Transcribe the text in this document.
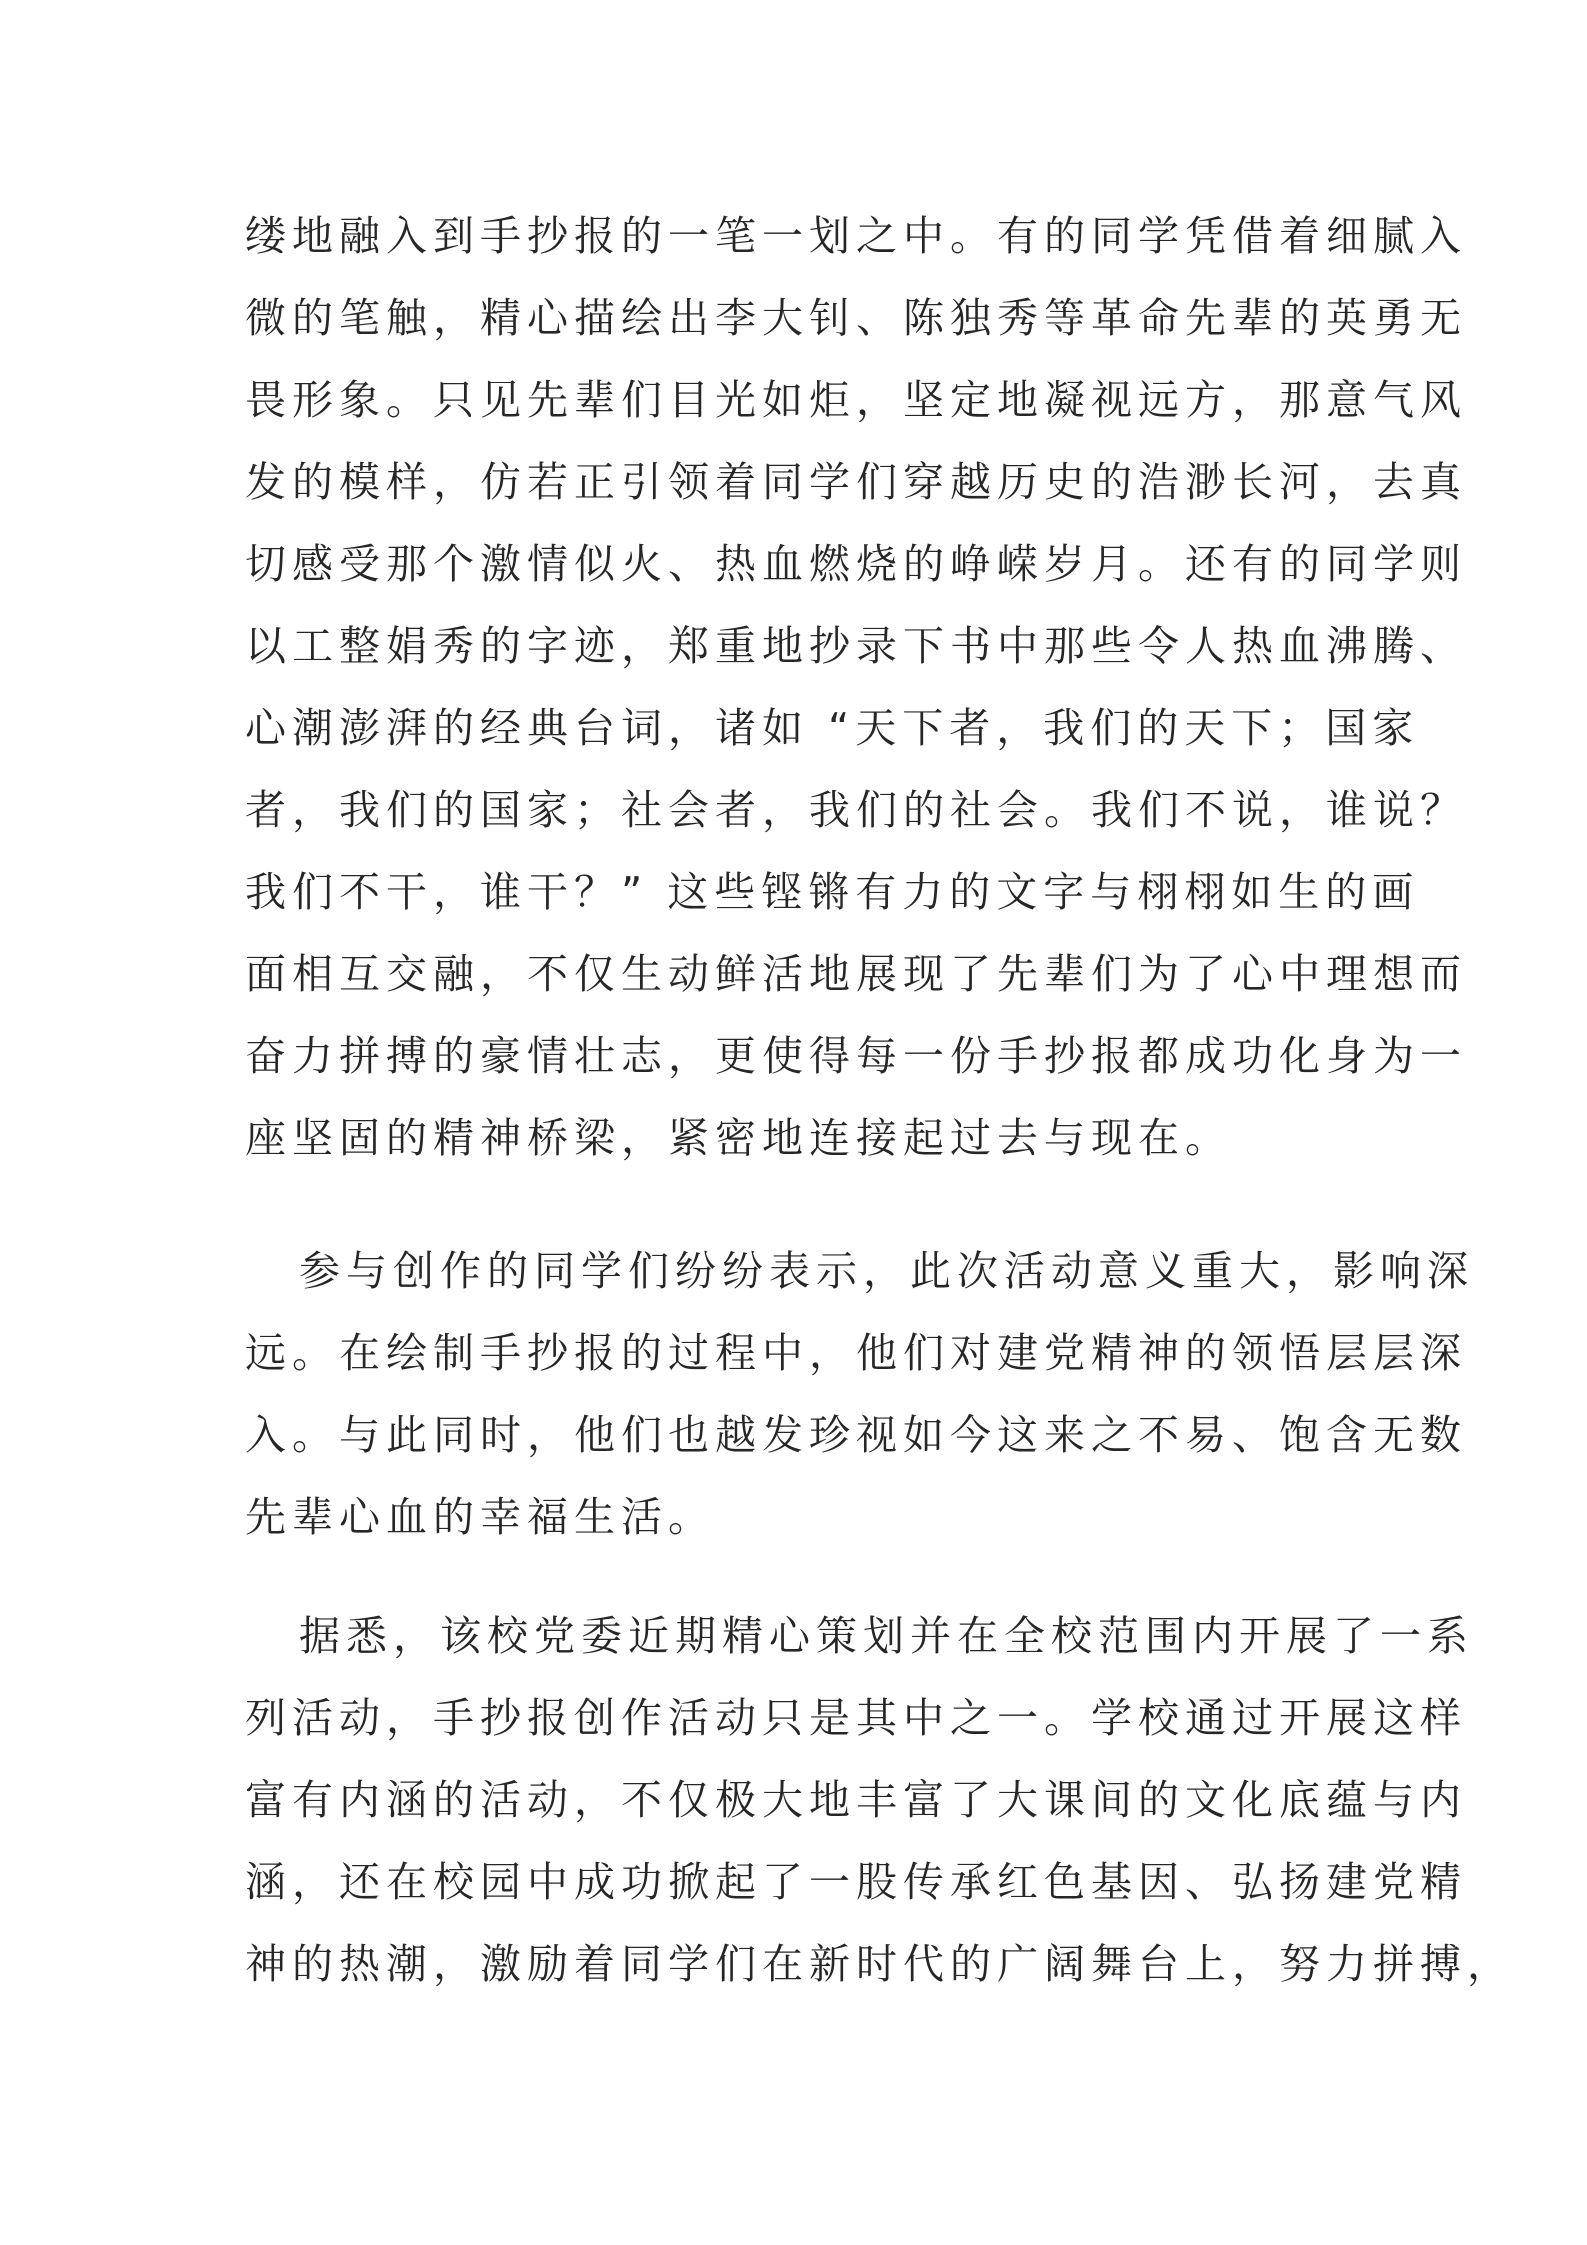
缕地融入到手抄报的一笔一划之中。有的同学凭借着细腻入
微的笔触，精心描绘出李大钊、陈独秀等革命先辈的英勇无
畏形象。只见先辈们目光如炬，坚定地凝视远方，那意气风
发的模样，仿若正引领着同学们穿越历史的浩渺长河，去真
切感受那个激情似火、热血燃烧的峥嵘岁月。还有的同学则
以工整娟秀的字迹，郑重地抄录下书中那些令人热血沸腾、
心潮澎湃的经典台词，诸如 “天下者，我们的天下；国家
者，我们的国家；社会者，我们的社会。我们不说，谁说？
我们不干，谁干？” 这些铿锵有力的文字与栩栩如生的画
面相互交融，不仅生动鲜活地展现了先辈们为了心中理想而
奋力拼搏的豪情壮志，更使得每一份手抄报都成功化身为一
座坚固的精神桥梁，紧密地连接起过去与现在。
参与创作的同学们纷纷表示，此次活动意义重大，影响深
远。在绘制手抄报的过程中，他们对建党精神的领悟层层深
入。与此同时，他们也越发珍视如今这来之不易、饱含无数
先辈心血的幸福生活。
据悉，该校党委近期精心策划并在全校范围内开展了一系
列活动，手抄报创作活动只是其中之一。学校通过开展这样
富有内涵的活动，不仅极大地丰富了大课间的文化底蕴与内
涵，还在校园中成功掀起了一股传承红色基因、弘扬建党精
神的热潮，激励着同学们在新时代的广阔舞台上，努力拼搏，
